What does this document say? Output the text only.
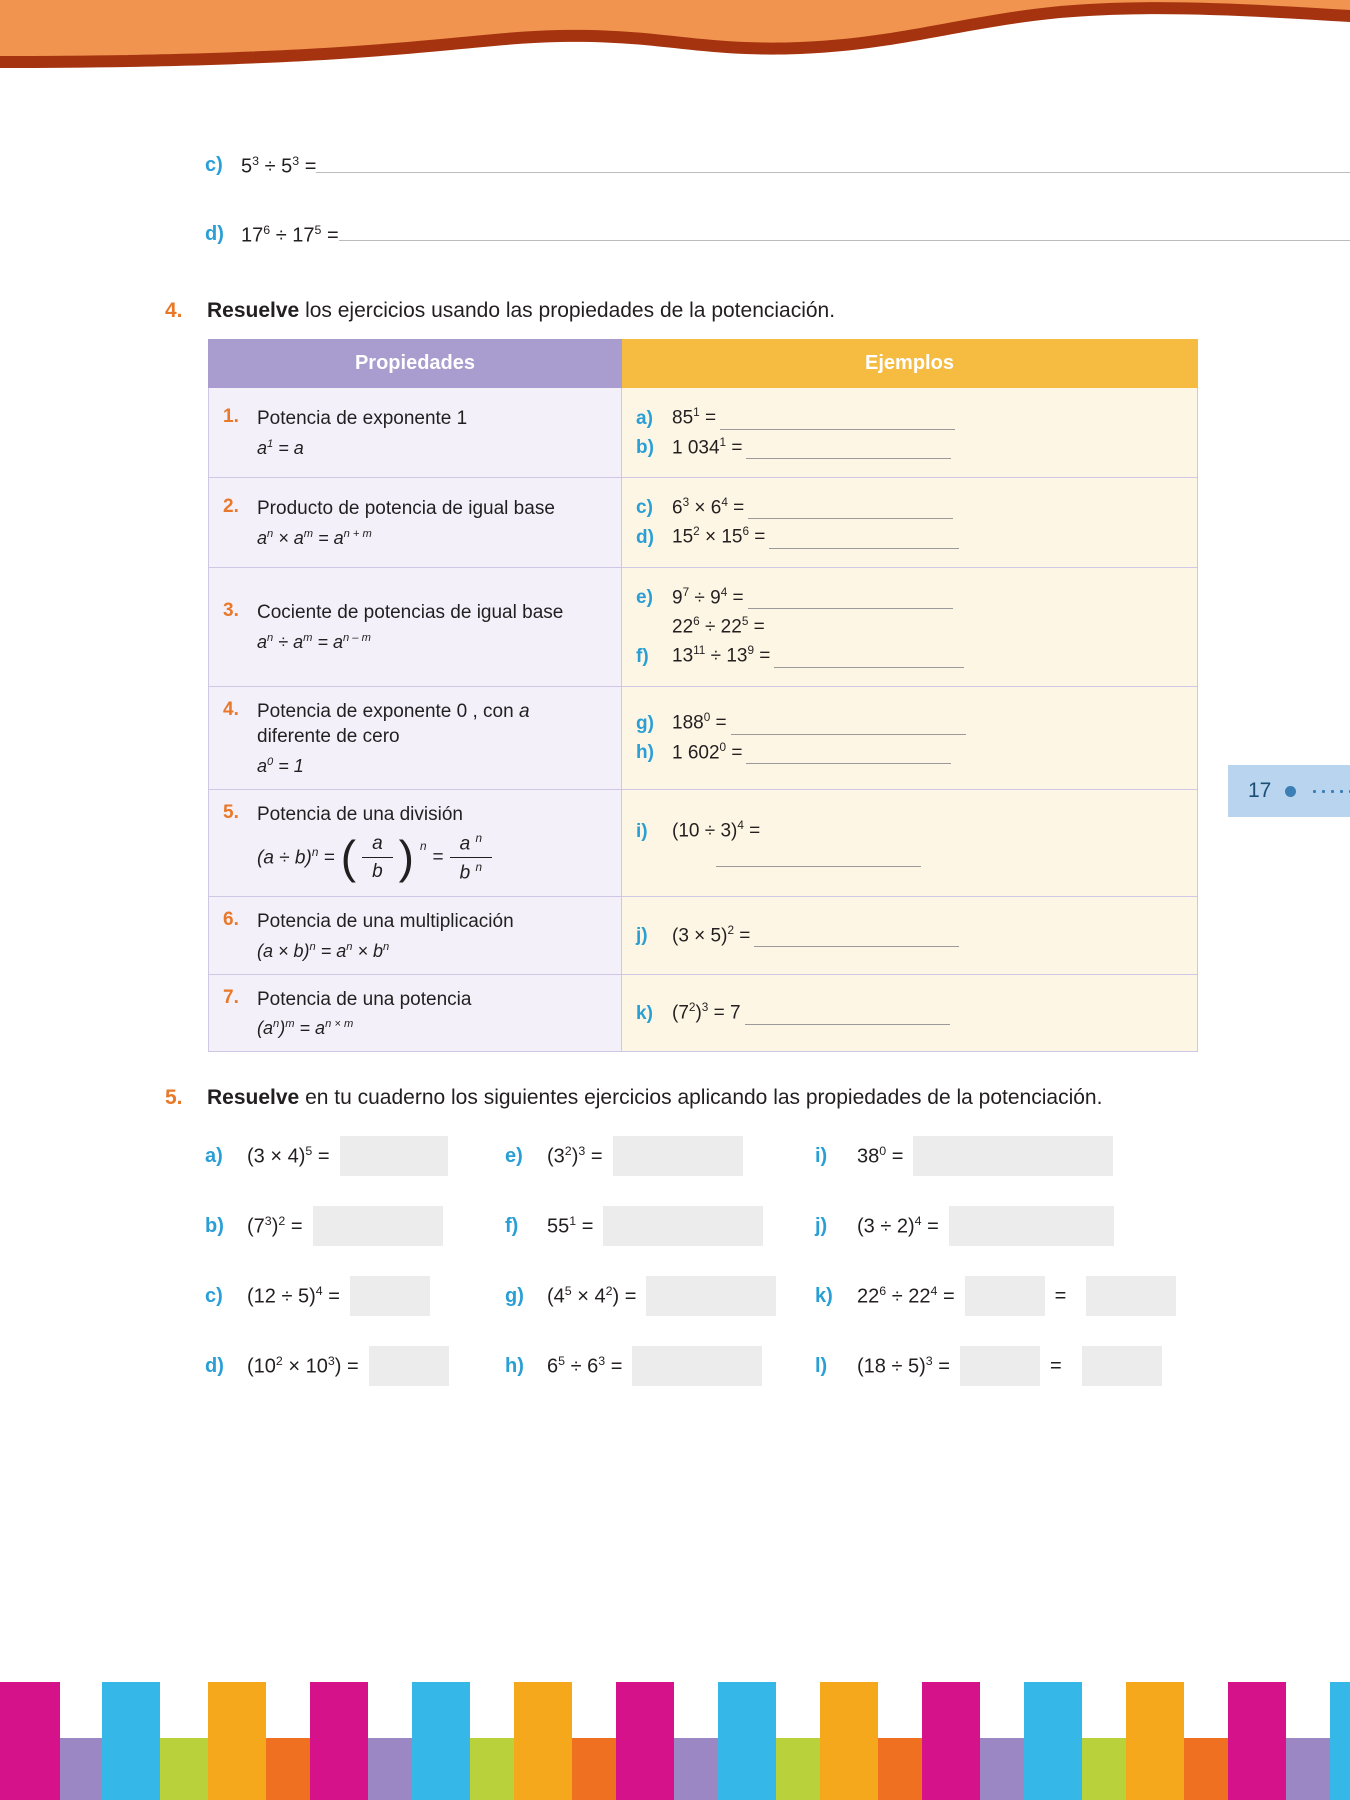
17
c) $5^3 \div 5^3$ =
d) $17^6 \div 17^5$ =
4.	Resuelve los ejercicios usando las propiedades de la potenciación.
Propiedades	Ejemplos

1. Potencia de exponente 1
$a^1 = a$

a)	$85^1$ =
b) 1 $034^1$ =

2. Producto de potencia de igual base
$a^n \times a^m = a^{n + m}$

c)	$6^3 \times 6^4$ =
d) $15^2 \times 15^6$ =

3. Cociente de potencias de igual base
$a^n \div a^m = a^{n - m}$

e)	$9^7 \div 9^4$ =
$22^6 \div 22^5$ =
f)	$13^{11} \div 13^9$ =

4. Potencia de exponente 0 , con a diferente de cero
$a^0 = 1$

g) $188^0$ =
h) 1 $602^0$ =

5. Potencia de una división
$(a \div b)^n$ = ( $\frac{a}{b}$ ) $^n$
= $\frac{a ^n}{b ^n}$

i)	$(10 \div 3)^4$ =

6. Potencia de una multiplicación
$(a \times b)^n = a^n \times b^n$

j)	$(3 \times 5)^2$ =

7. Potencia de una potencia
$(a^n)^m = a^{n \times m}$

k)	$(7^2)^3 = 7$
5.	Resuelve en tu cuaderno los siguientes ejercicios aplicando las propiedades de la potenciación.
a)	$(3 \times 4)^5$ =	e)	$(3^2)^3$ =	i)	$38^0$ =
b)	$(7^3)^2$ =	f)	$55^1$ =	j)	$(3 \div 2)^4$ =
c)	$(12 \div 5)^4$ =	g)	$(4^5 \times 4^2)$ =	k)	$22^6 \div 22^4$ =	=
d)	$(10^2 \times 10^3)$ =	h)	$6^5 \div 6^3$ =	l)	$(18 \div 5)^3$ =	=
